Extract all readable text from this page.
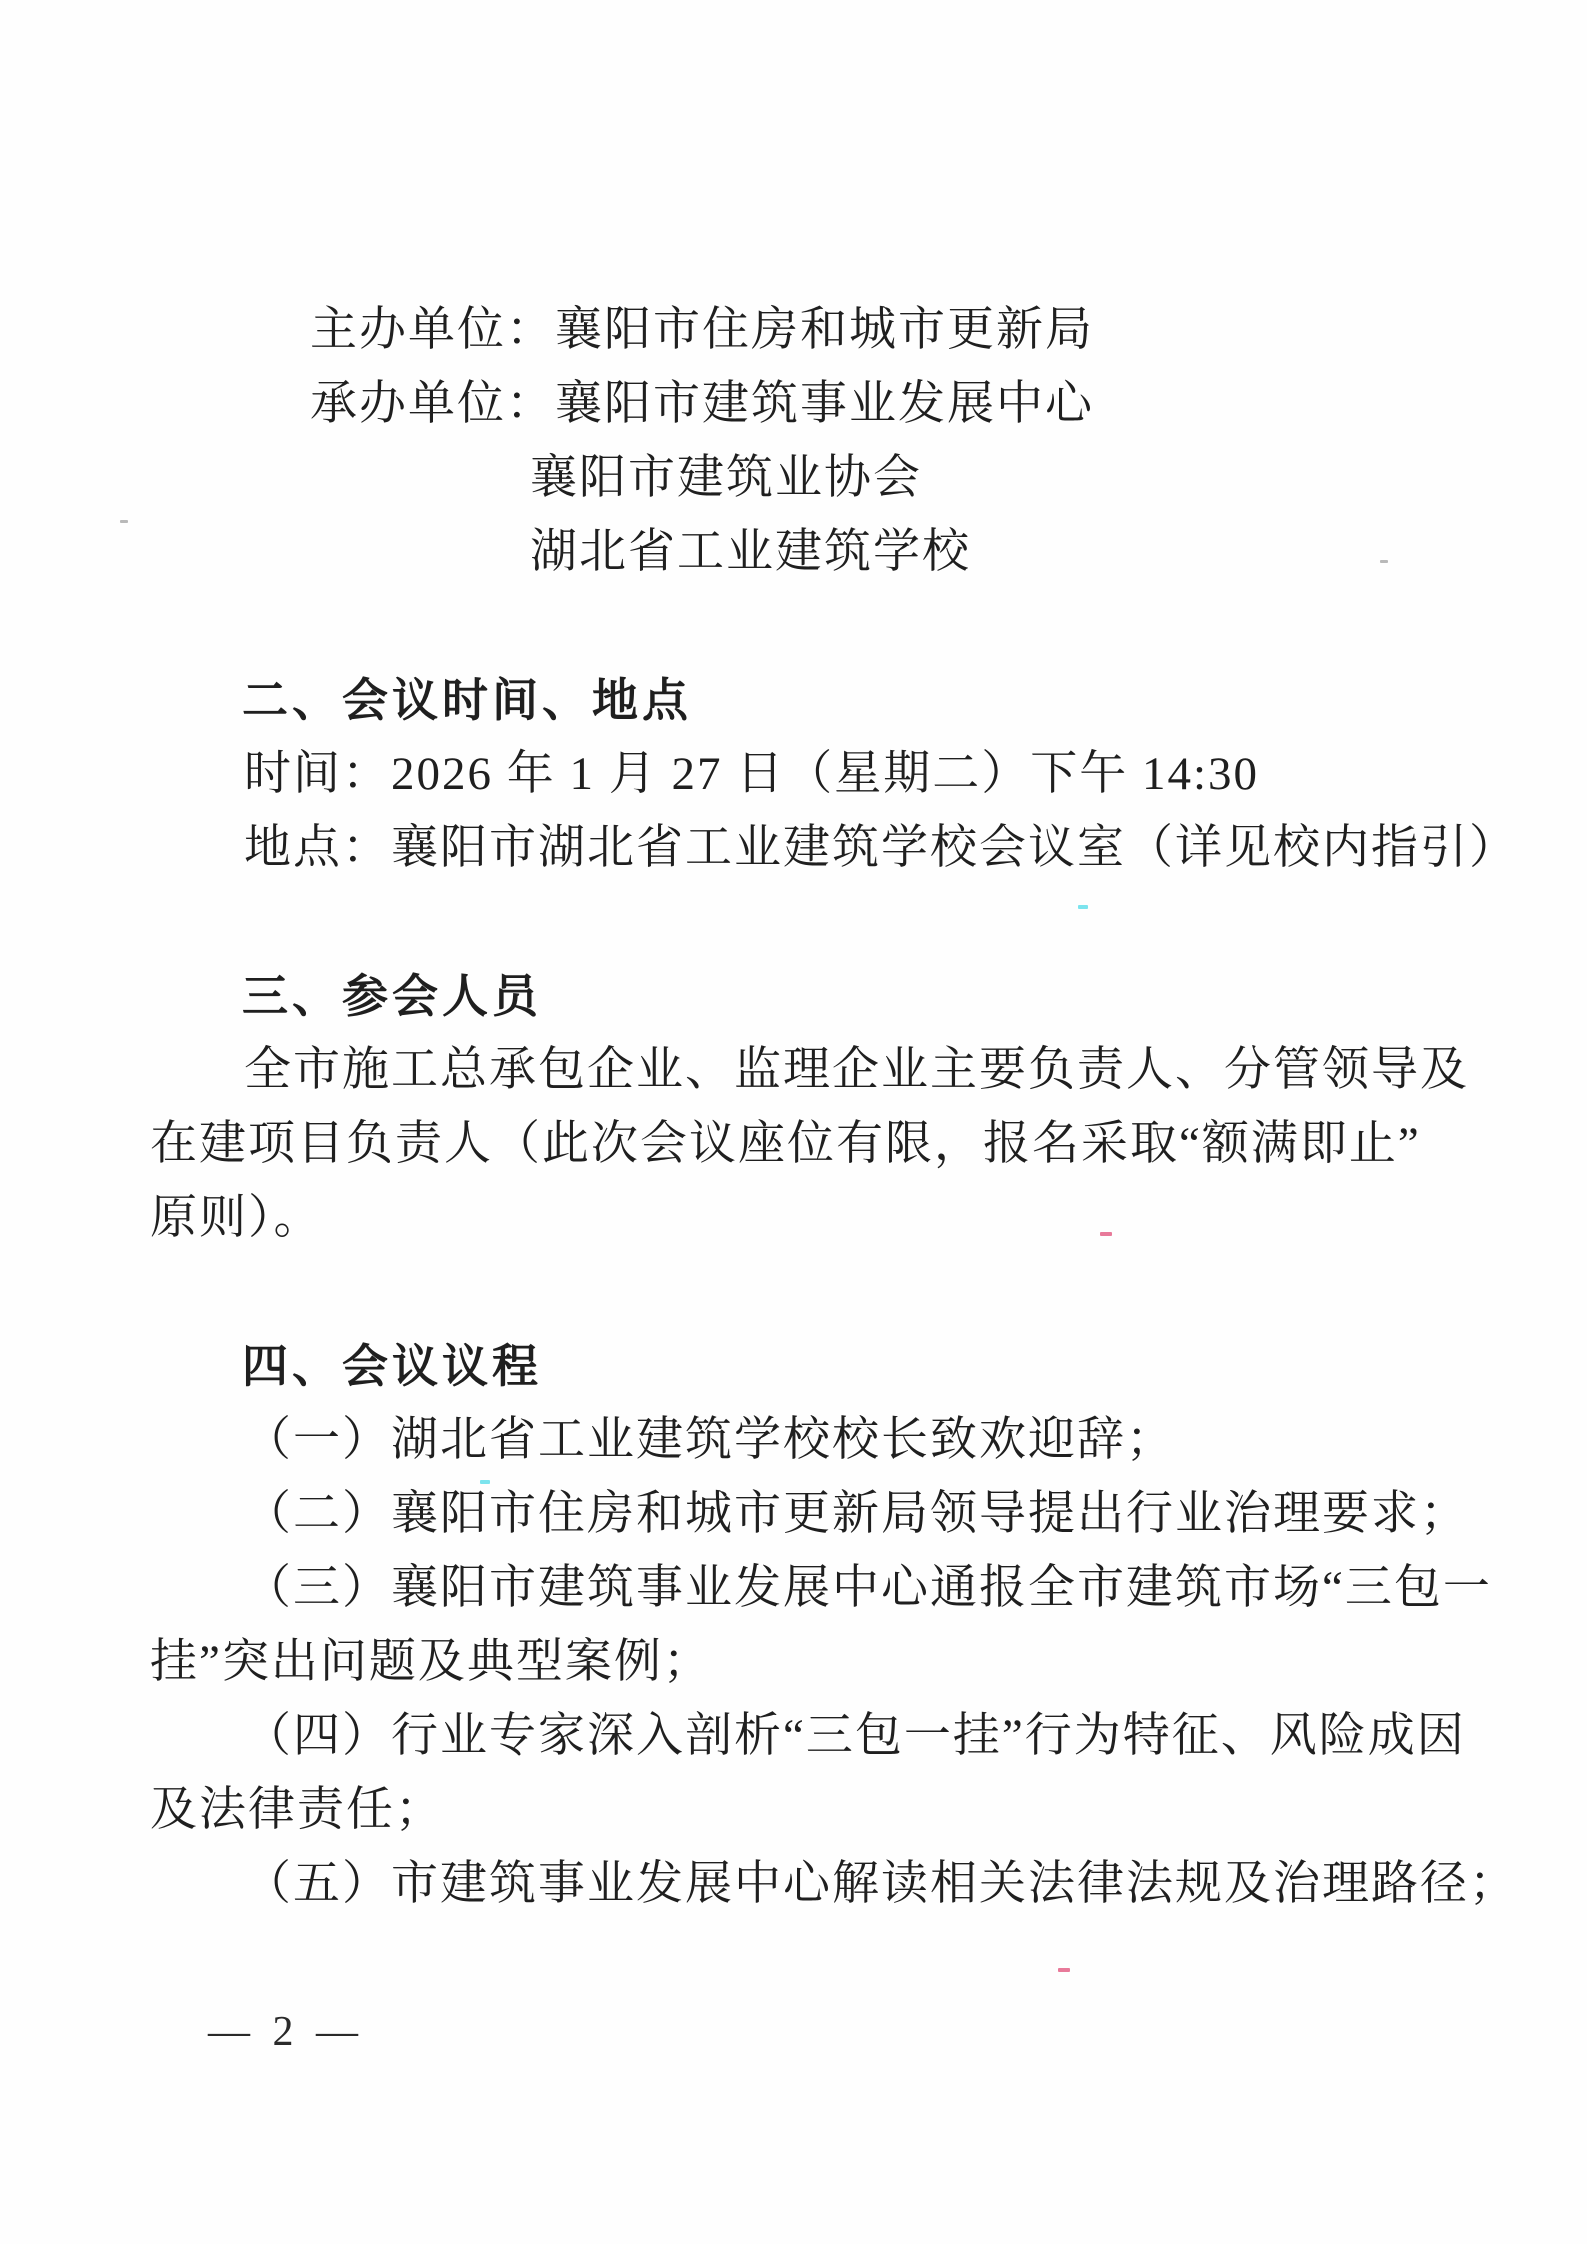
主办单位：襄阳市住房和城市更新局
承办单位：襄阳市建筑事业发展中心
襄阳市建筑业协会
湖北省工业建筑学校
二、会议时间、地点
时间：2026 年 1 月 27 日（星期二）下午 14:30
地点：襄阳市湖北省工业建筑学校会议室（详见校内指引）
三、参会人员
全市施工总承包企业、监理企业主要负责人、分管领导及
在建项目负责人（此次会议座位有限，报名采取“额满即止”
原则）。
四、会议议程
（一）湖北省工业建筑学校校长致欢迎辞；
（二）襄阳市住房和城市更新局领导提出行业治理要求；
（三）襄阳市建筑事业发展中心通报全市建筑市场“三包一
挂”突出问题及典型案例；
（四）行业专家深入剖析“三包一挂”行为特征、风险成因
及法律责任；
（五）市建筑事业发展中心解读相关法律法规及治理路径；
— 2 —
